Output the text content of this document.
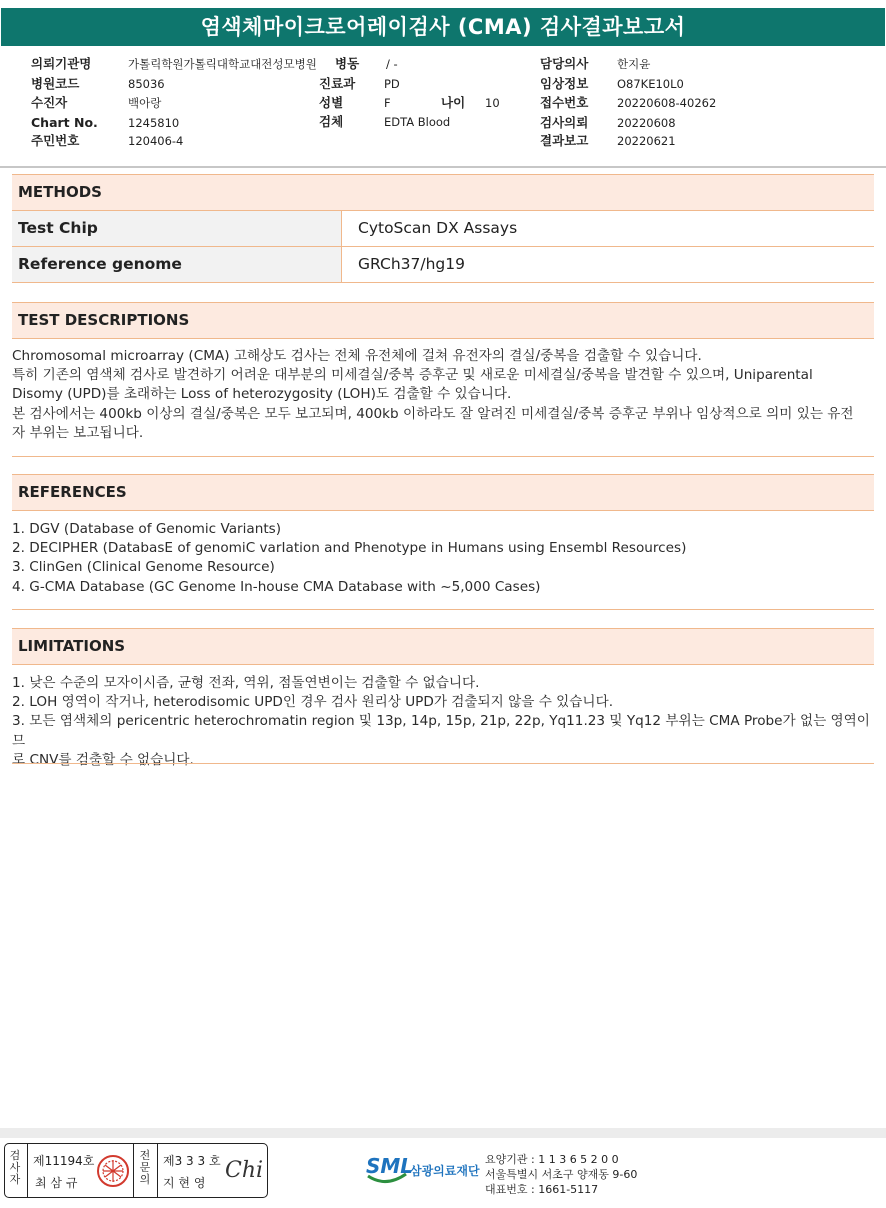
염색체마이크로어레이검사 (CMA) 검사결과보고서
의뢰기관명	가톨릭학원가톨릭대학교대전성모병원 병동 / -	담당의사 한지윤
병원코드	85036	진료과	PD	임상정보 O87KE10L0
수진자	백아랑	성별	F	나이 10	접수번호 20220608-40262
Chart No.	1245810	검체	EDTA Blood	검사의뢰 20220608
주민번호	120406-4	결과보고 20220621
METHODS
Test Chip	CytoScan DX Assays
Reference genome	GRCh37/hg19
TEST DESCRIPTIONS
Chromosomal microarray (CMA) 고해상도 검사는 전체 유전체에 걸쳐 유전자의 결실/중복을 검출할 수 있습니다.
특히 기존의 염색체 검사로 발견하기 어려운 대부분의 미세결실/중복 증후군 및 새로운 미세결실/중복을 발견할 수 있으며, Uniparental
Disomy (UPD)를 초래하는 Loss of heterozygosity (LOH)도 검출할 수 있습니다.
본 검사에서는 400kb 이상의 결실/중복은 모두 보고되며, 400kb 이하라도 잘 알려진 미세결실/중복 증후군 부위나 임상적으로 의미 있는 유전
자 부위는 보고됩니다.
REFERENCES
1. DGV (Database of Genomic Variants)
2. DECIPHER (DatabasE of genomiC varIation and Phenotype in Humans using Ensembl Resources)
3. ClinGen (Clinical Genome Resource)
4. G-CMA Database (GC Genome In-house CMA Database with ~5,000 Cases)
LIMITATIONS
1. 낮은 수준의 모자이시즘, 균형 전좌, 역위, 점돌연변이는 검출할 수 없습니다.
2. LOH 영역이 작거나, heterodisomic UPD인 경우 검사 원리상 UPD가 검출되지 않을 수 있습니다.
3. 모든 염색체의 pericentric heterochromatin region 및 13p, 14p, 15p, 21p, 22p, Yq11.23 및 Yq12 부위는 CMA Probe가 없는 영역이므
로 CNV를 검출할 수 없습니다.
검사자
제11194호
최 삼 규
전문의
제3 3 3 호
지 현 영 Chi	SML
삼광의료재단
요양기관 : 1 1 3 6 5 2 0 0
서울특별시 서초구 양재동 9-60
대표번호 : 1661-5117
